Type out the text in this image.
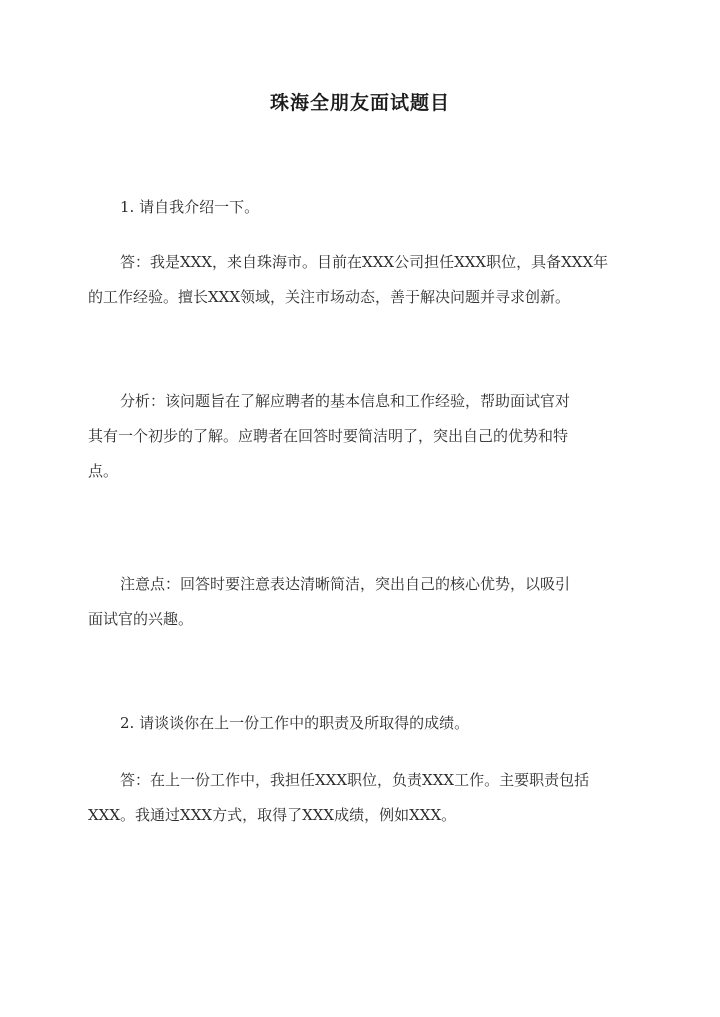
珠海全朋友面试题目
1. 请自我介绍一下。
答：我是XXX，来自珠海市。目前在XXX公司担任XXX职位，具备XXX年
的工作经验。擅长XXX领域，关注市场动态，善于解决问题并寻求创新。
分析：该问题旨在了解应聘者的基本信息和工作经验，帮助面试官对
其有一个初步的了解。应聘者在回答时要简洁明了，突出自己的优势和特
点。
注意点：回答时要注意表达清晰简洁，突出自己的核心优势，以吸引
面试官的兴趣。
2. 请谈谈你在上一份工作中的职责及所取得的成绩。
答：在上一份工作中，我担任XXX职位，负责XXX工作。主要职责包括
XXX。我通过XXX方式，取得了XXX成绩，例如XXX。
